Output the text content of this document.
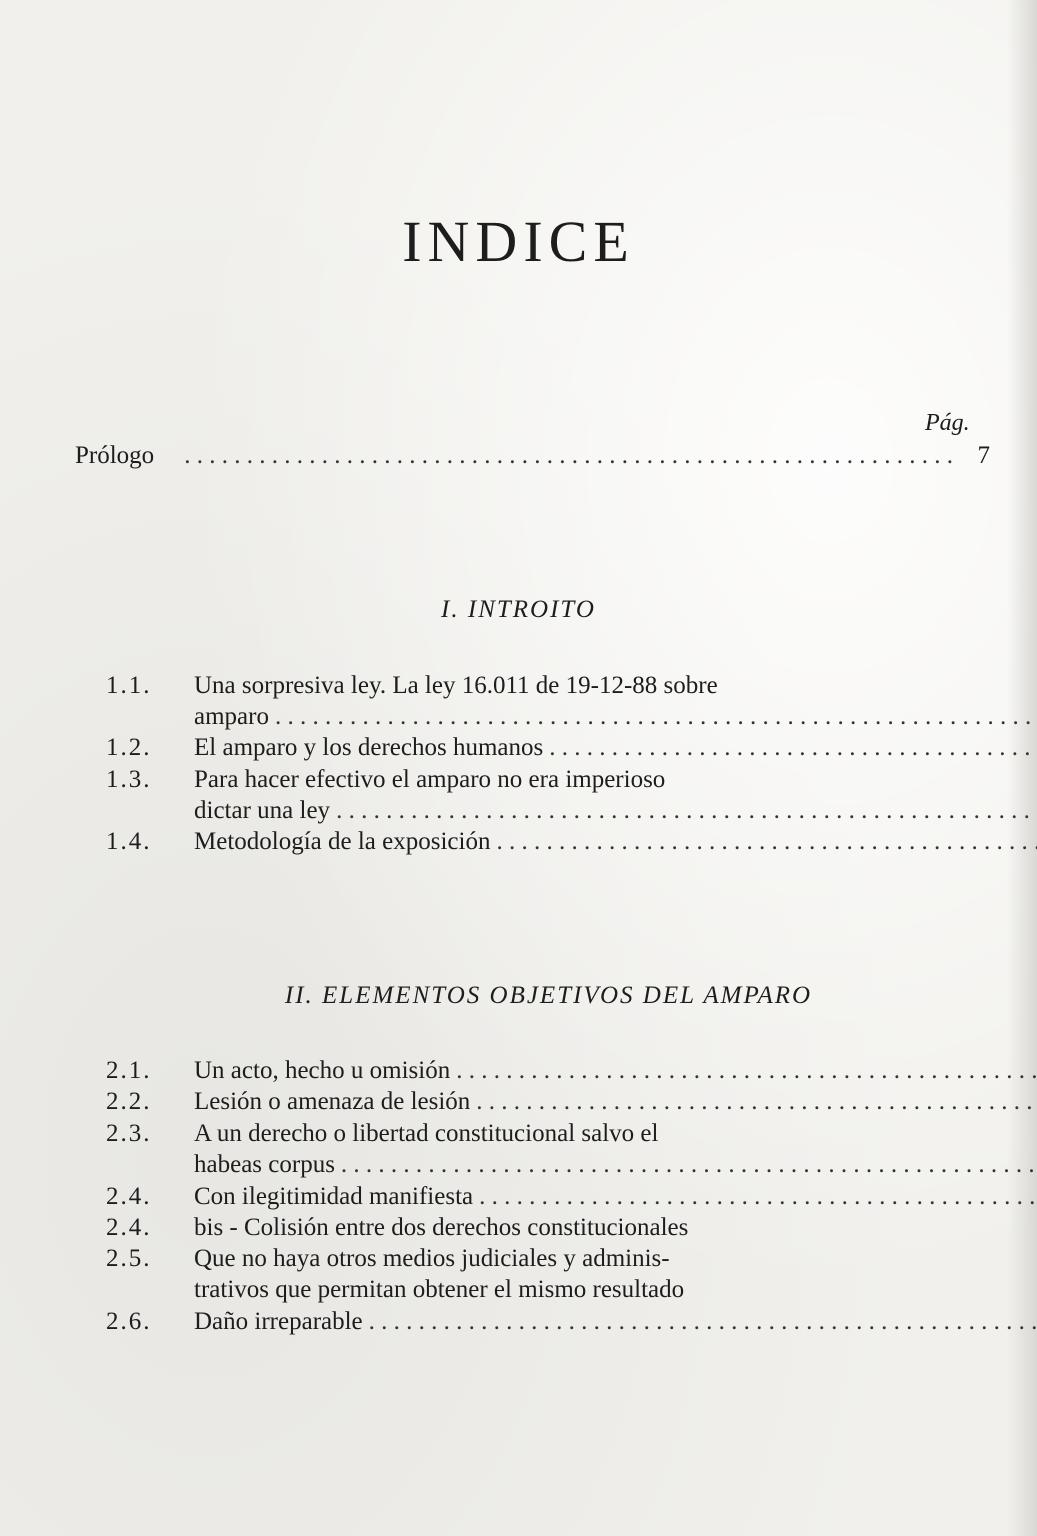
INDICE
Pág.
Prólogo
. . .	7
I. INTROITO
1.1.	Una sorpresiva ley. La ley 16.011 de 19-12-88 sobre
amparo
. . .
1.2.	El amparo y los derechos humanos
. . .
1.3.	Para hacer efectivo el amparo no era imperioso
dictar una ley
. . .
1.4.	Metodología de la exposición
. . .
II. ELEMENTOS OBJETIVOS DEL AMPARO
2.1.	Un acto, hecho u omisión
. . .
2.2.	Lesión o amenaza de lesión
. . .
2.3.	A un derecho o libertad constitucional salvo el
habeas corpus
. . .
2.4.	Con ilegitimidad manifiesta
. . .
2.4.	bis - Colisión entre dos derechos constitucionales
2.5.	Que no haya otros medios judiciales y adminis-
trativos que permitan obtener el mismo resultado
2.6.	Daño irreparable
. . .
